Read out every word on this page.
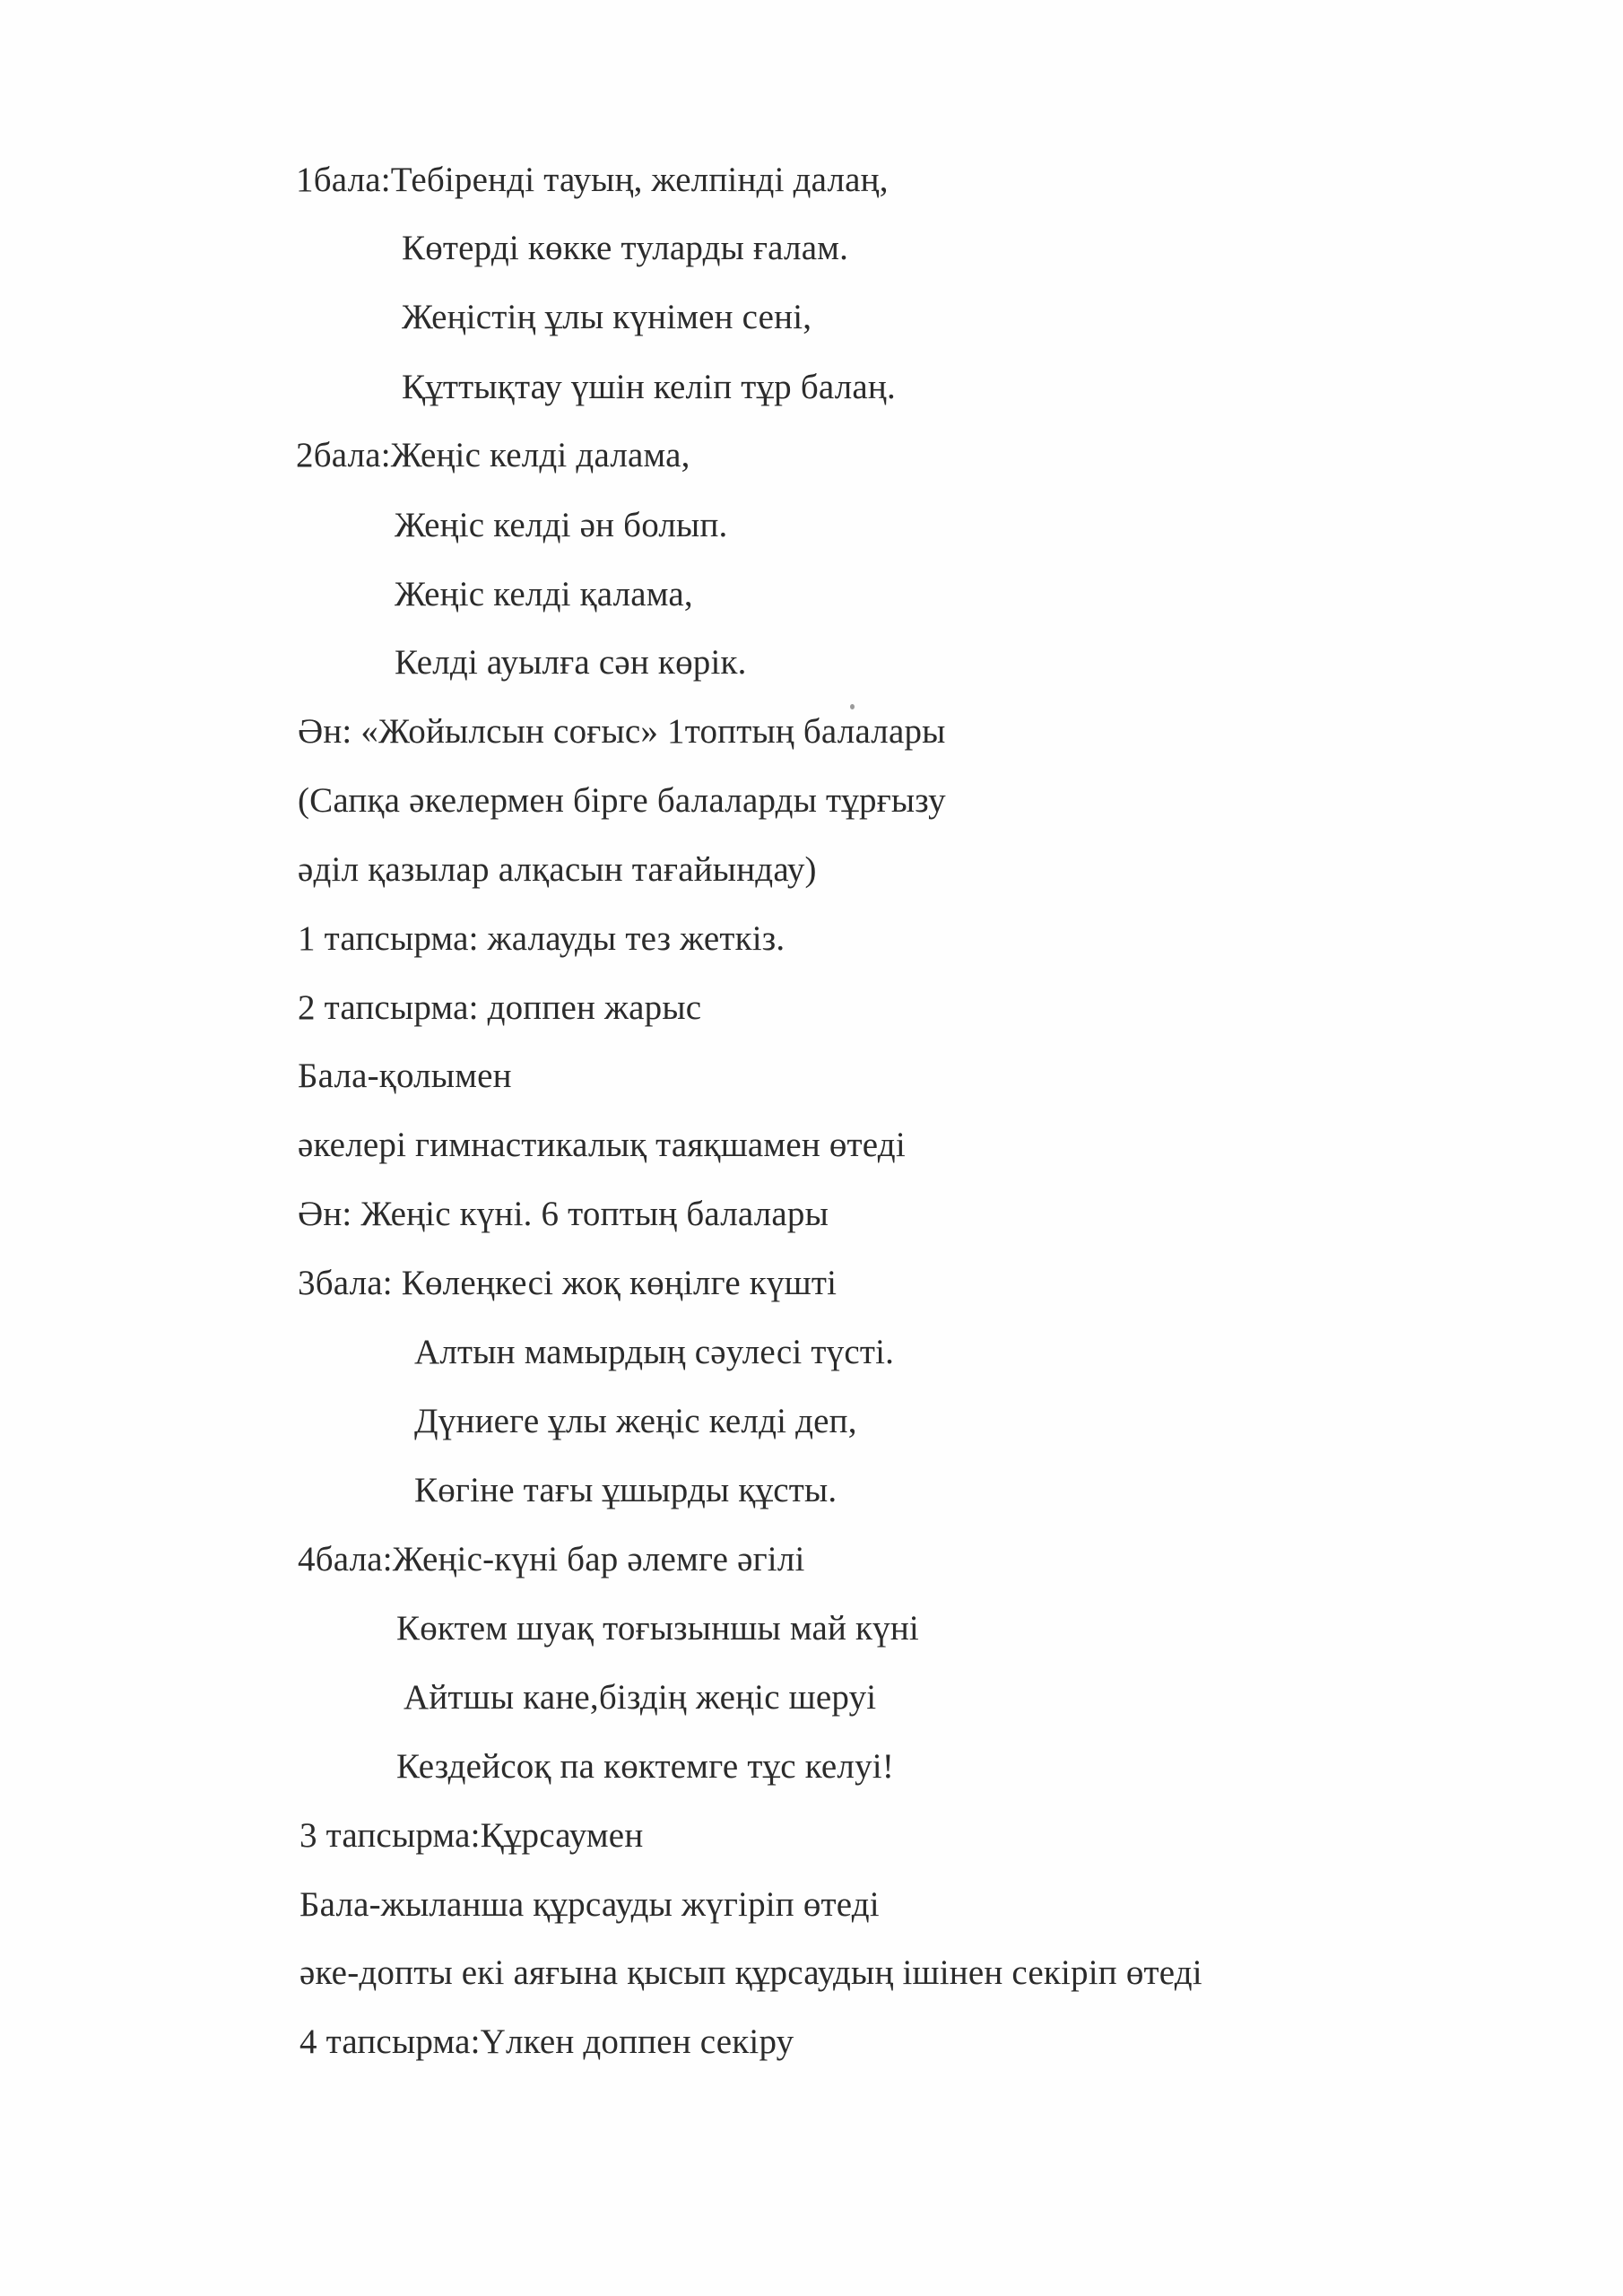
1бала:Тебіренді тауың, желпінді далаң,
Көтерді көкке туларды ғалам.
Жеңістің ұлы күнімен сені,
Құттықтау үшін келіп тұр балаң.
2бала:Жеңіс келді далама,
Жеңіс келді ән болып.
Жеңіс келді қалама,
Келді ауылға сән көрік.
Ән: «Жойылсын соғыс» 1топтың балалары
(Сапқа әкелермен бірге балаларды тұрғызу
әділ қазылар алқасын тағайындау)
1 тапсырма: жалауды тез жеткіз.
2 тапсырма: доппен жарыс
Бала-қолымен
әкелері гимнастикалық таяқшамен өтеді
Ән: Жеңіс күні. 6 топтың балалары
3бала: Көлеңкесі жоқ көңілге күшті
Алтын мамырдың сәулесі түсті.
Дүниеге ұлы жеңіс келді деп,
Көгіне тағы ұшырды құсты.
4бала:Жеңіс-күні бар әлемге әгілі
Көктем шуақ тоғызыншы май күні
Айтшы кане,біздің жеңіс шеруі
Кездейсоқ па көктемге тұс келуі!
3 тапсырма:Құрсаумен
Бала-жыланша құрсауды жүгіріп өтеді
әке-допты екі аяғына қысып құрсаудың ішінен секіріп өтеді
4 тапсырма:Үлкен доппен секіру
